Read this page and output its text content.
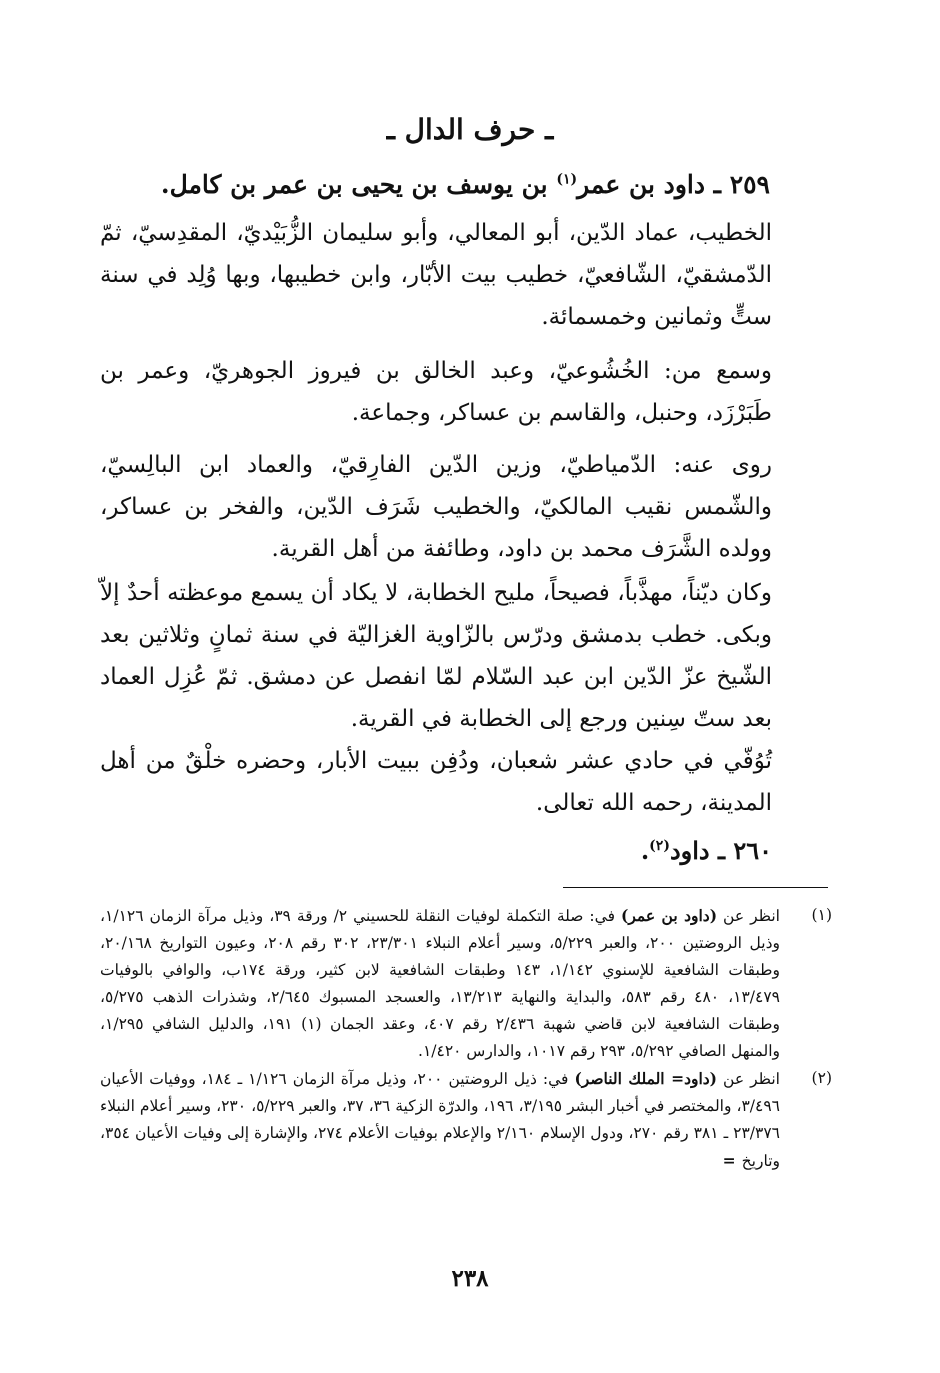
ـ حرف الدال ـ
٢٥٩ ـ داود بن عمر$^{(١)}$ بن يوسف بن يحيى بن عمر بن كامل.

الخطيب، عماد الدّين، أبو المعالي، وأبو سليمان الزُّبَيْديّ، المقدِسيّ، ثمّ الدّمشقيّ، الشّافعيّ، خطيب بيت الأبّار، وابن خطيبها، وبها وُلِد في سنة ستٍّ وثمانين وخمسمائة.

وسمع من: الخُشُوعيّ، وعبد الخالق بن فيروز الجوهريّ، وعمر بن طَبَرْزَد، وحنبل، والقاسم بن عساكر، وجماعة.

روى عنه: الدّمياطيّ، وزين الدّين الفارِقيّ، والعماد ابن البالِسيّ، والشّمس نقيب المالكيّ، والخطيب شَرَف الدّين، والفخر بن عساكر، وولده الشَّرَف محمد بن داود، وطائفة من أهل القرية.

وكان ديّناً، مهذَّباً، فصيحاً، مليح الخطابة، لا يكاد أن يسمع موعظته أحدٌ إلاّ وبكى. خطب بدمشق ودرّس بالزّاوية الغزاليّة في سنة ثمانٍ وثلاثين بعد الشّيخ عزّ الدّين ابن عبد السّلام لمّا انفصل عن دمشق. ثمّ عُزِل العماد بعد ستّ سِنين ورجع إلى الخطابة في القرية.

تُوُفّي في حادي عشر شعبان، ودُفِن ببيت الأبار، وحضره خلْقٌ من أهل المدينة، رحمه الله تعالى.

٢٦٠ ـ داود$^{(٢)}$.
(١)
انظر عن (داود بن عمر) في: صلة التكملة لوفيات النقلة للحسيني ٢/ ورقة ٣٩، وذيل مرآة الزمان ١/١٢٦، وذيل الروضتين ٢٠٠، والعبر ٥/٢٢٩، وسير أعلام النبلاء ٢٣/٣٠١، ٣٠٢ رقم ٢٠٨، وعيون التواريخ ٢٠/١٦٨، وطبقات الشافعية للإسنوي ١/١٤٢، ١٤٣ وطبقات الشافعية لابن كثير، ورقة ١٧٤ب، والوافي بالوفيات ١٣/٤٧٩، ٤٨٠ رقم ٥٨٣، والبداية والنهاية ١٣/٢١٣، والعسجد المسبوك ٢/٦٤٥، وشذرات الذهب ٥/٢٧٥، وطبقات الشافعية لابن قاضي شهبة ٢/٤٣٦ رقم ٤٠٧، وعقد الجمان (١) ١٩١، والدليل الشافي ١/٢٩٥، والمنهل الصافي ٥/٢٩٢، ٢٩٣ رقم ١٠١٧، والدارس ١/٤٢٠.
(٢)
انظر عن (داود= الملك الناصر) في: ذيل الروضتين ٢٠٠، وذيل مرآة الزمان ١/١٢٦ ـ ١٨٤، ووفيات الأعيان ٣/٤٩٦، والمختصر في أخبار البشر ٣/١٩٥، ١٩٦، والدرّة الزكية ٣٦، ٣٧، والعبر ٥/٢٢٩، ٢٣٠، وسير أعلام النبلاء ٢٣/٣٧٦ ـ ٣٨١ رقم ٢٧٠، ودول الإسلام ٢/١٦٠ والإعلام بوفيات الأعلام ٢٧٤، والإشارة إلى وفيات الأعيان ٣٥٤، وتاريخ=
٢٣٨
